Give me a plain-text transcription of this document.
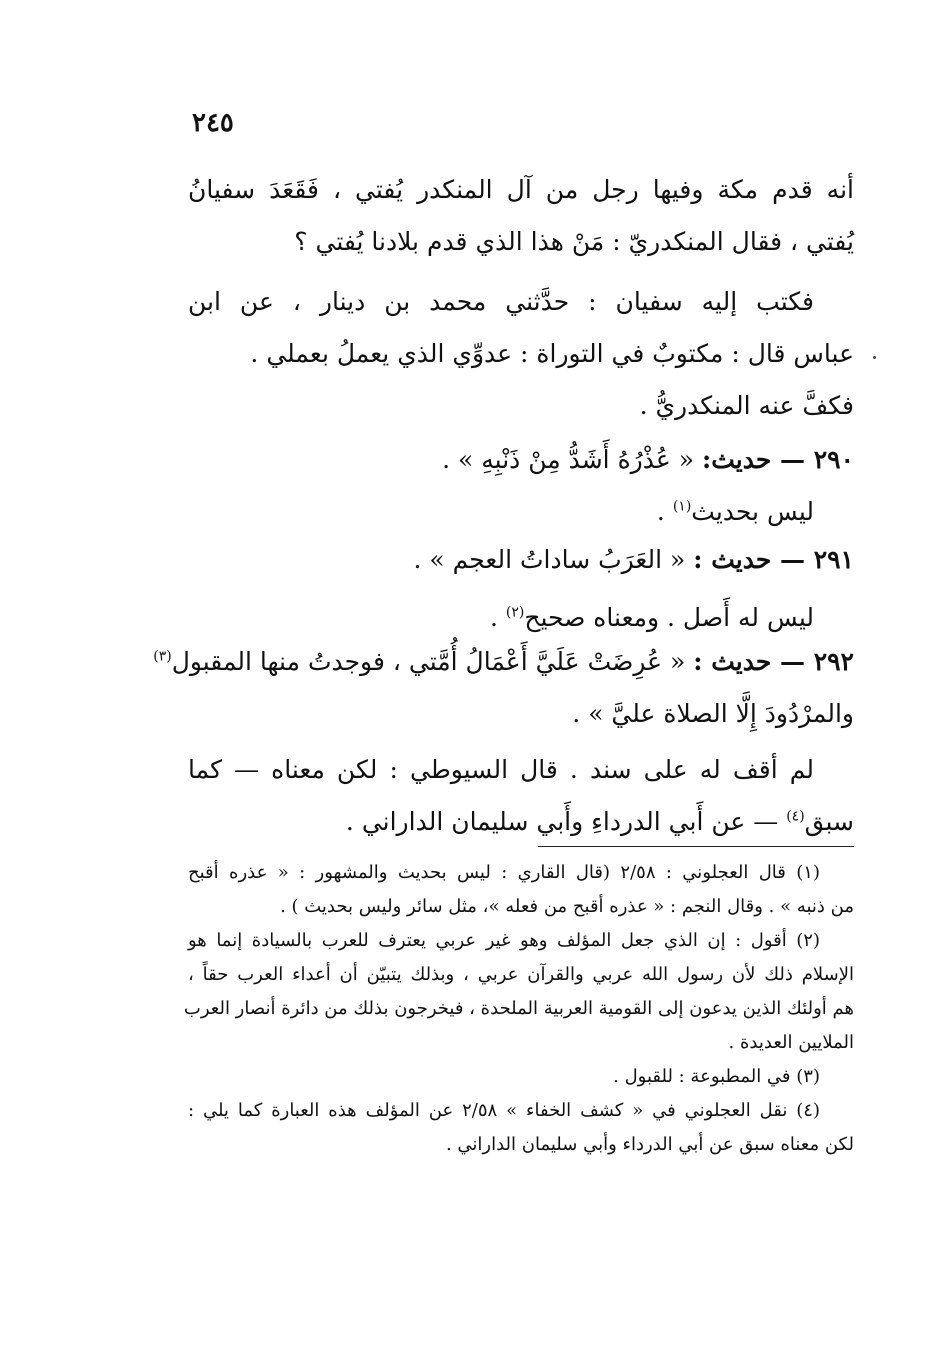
٢٤٥
أنه قدم مكة وفيها رجل من آل المنكدر يُفتي ، فَقَعَدَ سفيانُ
يُفتي ، فقال المنكدريّ : مَنْ هذا الذي قدم بلادنا يُفتي ؟
فكتب إليه سفيان : حدَّثني محمد بن دينار ، عن ابن
عباس قال : مكتوبٌ في التوراة : عدوِّي الذي يعملُ بعملي .
فكفَّ عنه المنكدريُّ .
٢٩٠ — حديث: « عُذْرُهُ أَشَدُّ مِنْ ذَنْبِهِ » .
ليس بحديث$^{(١)}$ .
٢٩١ — حديث : « العَرَبُ ساداتُ العجم » .
ليس له أَصل . ومعناه صحيح$^{(٢)}$ .
٢٩٢ — حديث : « عُرِضَتْ عَلَيَّ أَعْمَالُ أُمَّتي ، فوجدتُ منها المقبول$^{(٣)}$
والمرْدُودَ إِلَّا الصلاة عليَّ » .
لم أقف له على سند . قال السيوطي : لكن معناه — كما
سبق$^{(٤)}$ — عن أَبي الدرداءِ وأَبي سليمان الداراني .
(١) قال العجلوني : ٢/٥٨ (قال القاري : ليس بحديث والمشهور : « عذره أقبح
من ذنبه » . وقال النجم : « عذره أقبح من فعله »، مثل سائر وليس بحديث ) .
(٢) أقول : إن الذي جعل المؤلف وهو غير عربي يعترف للعرب بالسيادة إنما هو
الإسلام ذلك لأن رسول الله عربي والقرآن عربي ، وبذلك يتبيّن أن أعداء العرب حقاً ،
هم أولئك الذين يدعون إلى القومية العربية الملحدة ، فيخرجون بذلك من دائرة أنصار العرب
الملايين العديدة .
(٣) في المطبوعة : للقبول .
(٤) نقل العجلوني في « كشف الخفاء » ٢/٥٨ عن المؤلف هذه العبارة كما يلي :
لكن معناه سبق عن أبي الدرداء وأبي سليمان الداراني .
